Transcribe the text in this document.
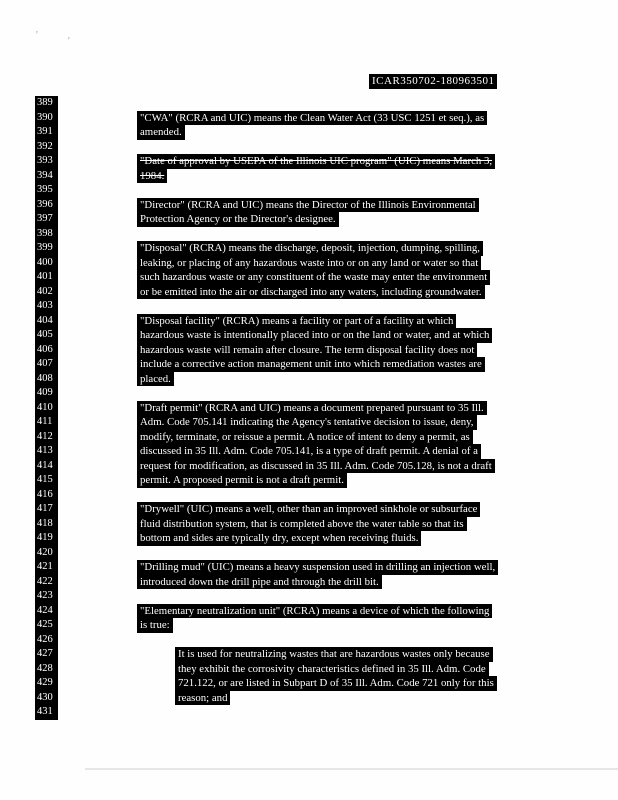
'
'
ICAR350702-180963501
389
390	"CWA" (RCRA and UIC) means the Clean Water Act (33 USC 1251 et seq.), as
391	amended.
392
393	"Date of approval by USEPA of the Illinois UIC program" (UIC) means March 3,
394	1984.
395
396	"Director" (RCRA and UIC) means the Director of the Illinois Environmental
397	Protection Agency or the Director's designee.
398
399	"Disposal" (RCRA) means the discharge, deposit, injection, dumping, spilling,
400	leaking, or placing of any hazardous waste into or on any land or water so that
401	such hazardous waste or any constituent of the waste may enter the environment
402	or be emitted into the air or discharged into any waters, including groundwater.
403
404	"Disposal facility" (RCRA) means a facility or part of a facility at which
405	hazardous waste is intentionally placed into or on the land or water, and at which
406	hazardous waste will remain after closure. The term disposal facility does not
407	include a corrective action management unit into which remediation wastes are
408	placed.
409
410	"Draft permit" (RCRA and UIC) means a document prepared pursuant to 35 Ill.
411	Adm. Code 705.141 indicating the Agency's tentative decision to issue, deny,
412	modify, terminate, or reissue a permit. A notice of intent to deny a permit, as
413	discussed in 35 Ill. Adm. Code 705.141, is a type of draft permit. A denial of a
414	request for modification, as discussed in 35 Ill. Adm. Code 705.128, is not a draft
415	permit. A proposed permit is not a draft permit.
416
417	"Drywell" (UIC) means a well, other than an improved sinkhole or subsurface
418	fluid distribution system, that is completed above the water table so that its
419	bottom and sides are typically dry, except when receiving fluids.
420
421	"Drilling mud" (UIC) means a heavy suspension used in drilling an injection well,
422	introduced down the drill pipe and through the drill bit.
423
424	"Elementary neutralization unit" (RCRA) means a device of which the following
425	is true:
426
427	It is used for neutralizing wastes that are hazardous wastes only because
428	they exhibit the corrosivity characteristics defined in 35 Ill. Adm. Code
429	721.122, or are listed in Subpart D of 35 Ill. Adm. Code 721 only for this
430	reason; and
431
